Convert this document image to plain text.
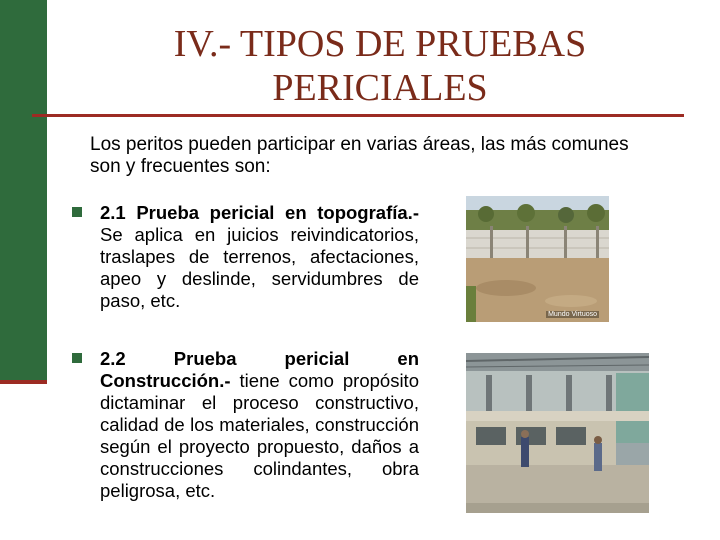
IV.- TIPOS DE PRUEBAS
PERICIALES
Los peritos pueden participar en varias áreas, las más comunes son y frecuentes son:
2.1 Prueba pericial en topografía.- Se aplica en juicios reivindicatorios, traslapes de terrenos, afectaciones, apeo y deslinde, servidumbres de paso, etc.
Mundo Virtuoso
2.2 Prueba pericial en Construcción.- tiene como propósito dictaminar el proceso constructivo, calidad de los materiales, construcción según el proyecto propuesto, daños a construcciones colindantes, obra peligrosa, etc.
